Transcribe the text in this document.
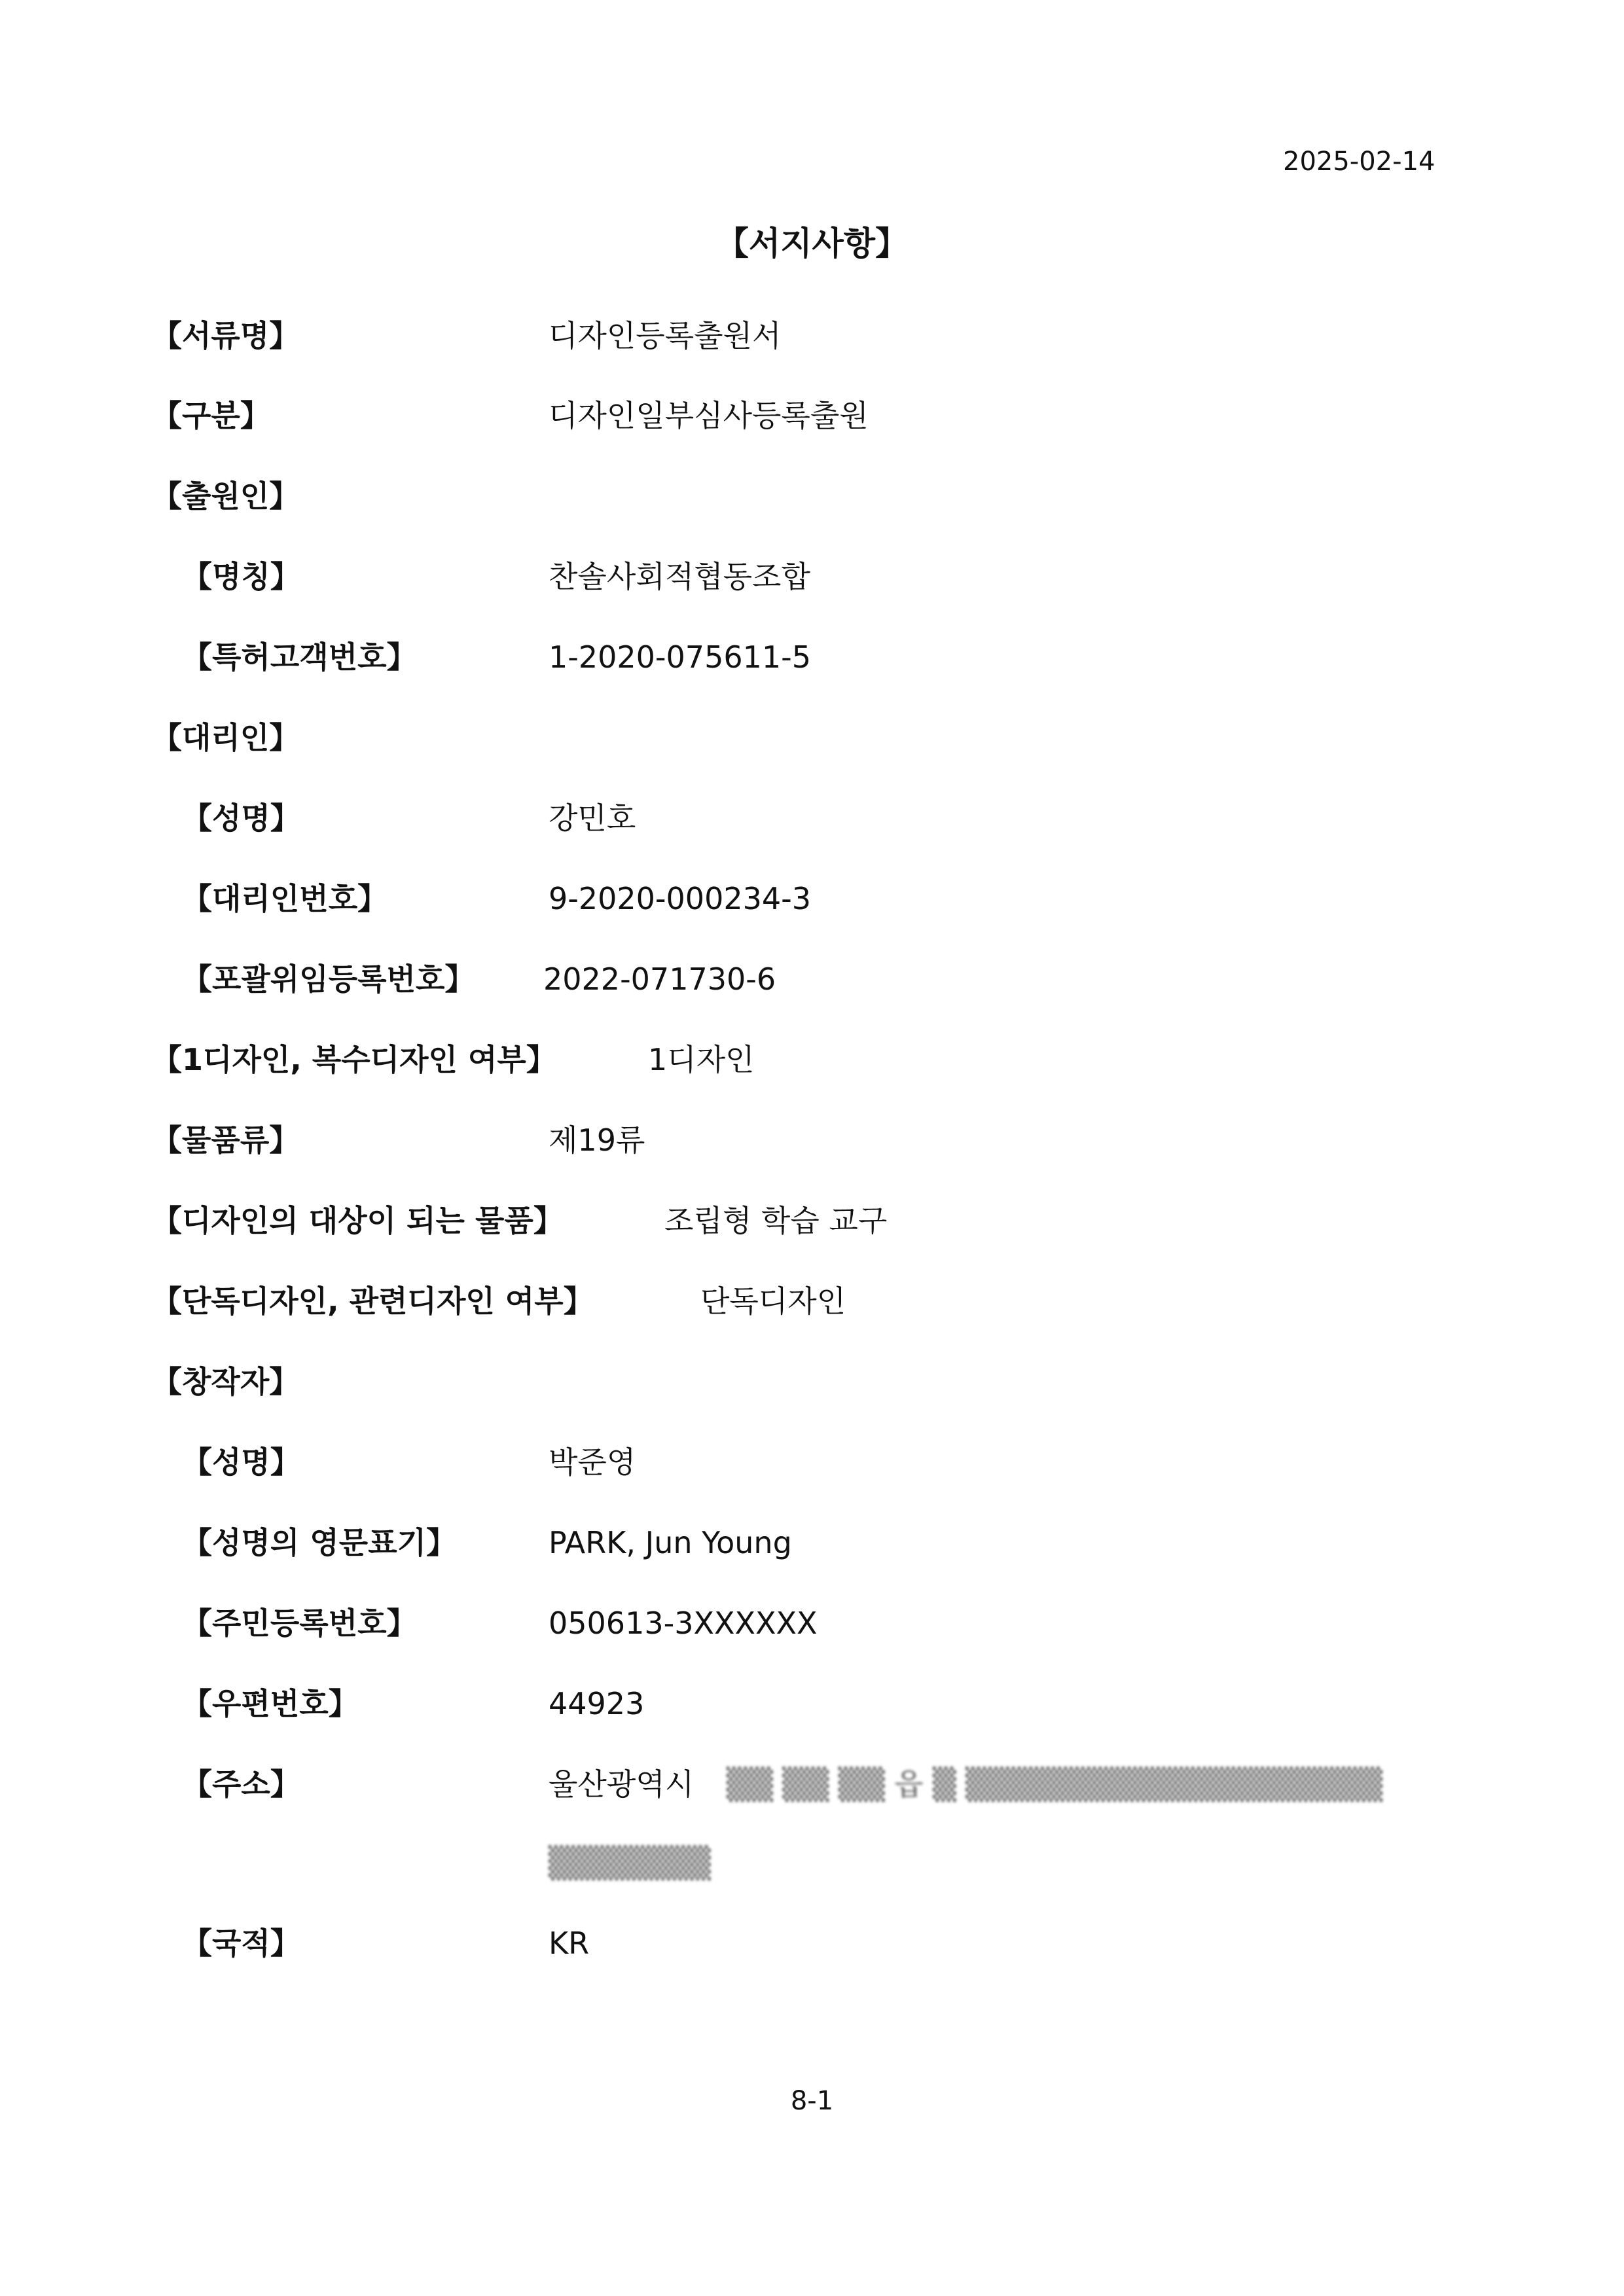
2025-02-14
【서지사항】
【서류명】	디자인등록출원서
【구분】	디자인일부심사등록출원
【출원인】
【명칭】	찬솔사회적협동조합
【특허고객번호】	1-2020-075611-5
【대리인】
【성명】	강민호
【대리인번호】	9-2020-000234-3
【포괄위임등록번호】 2022-071730-6
【1디자인, 복수디자인 여부】	1디자인
【물품류】	제19류
【디자인의 대상이 되는 물품】	조립형 학습 교구
【단독디자인, 관련디자인 여부】	단독디자인
【창작자】
【성명】	박준영
【성명의 영문표기】	PARK, Jun Young
【주민등록번호】	050613-3XXXXXX
【우편번호】	44923
【주소】	울산광역시 ▒▒ ▒▒ ▒▒ 읍 ▒ ▒▒▒▒▒▒▒▒▒▒▒▒▒▒▒▒▒▒
▒▒▒▒▒▒▒
【국적】	KR
8-1
